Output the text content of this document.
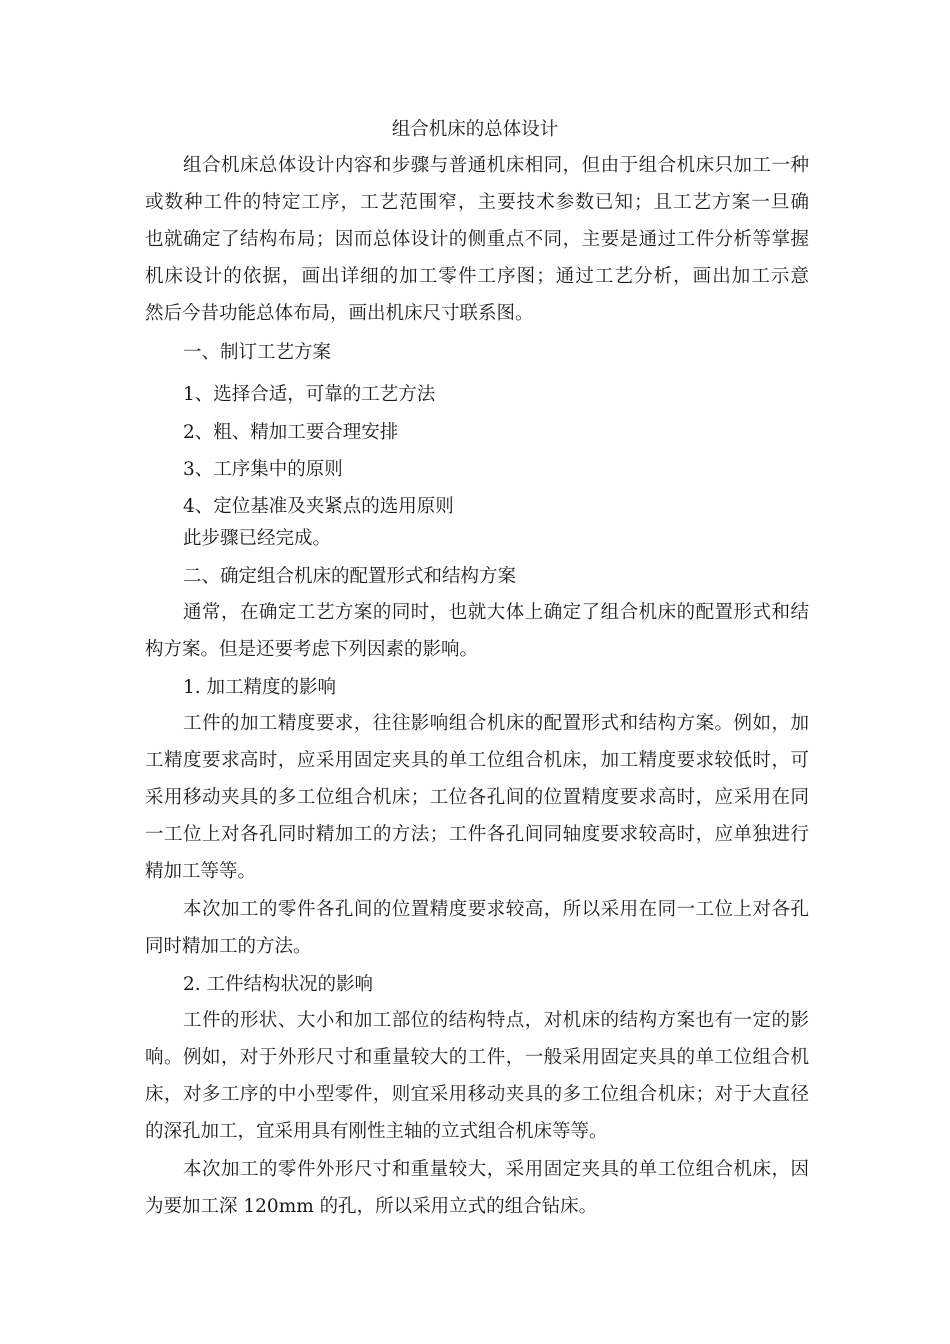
组合机床的总体设计
组合机床总体设计内容和步骤与普通机床相同，但由于组合机床只加工一种
或数种工件的特定工序，工艺范围窄，主要技术参数已知；且工艺方案一旦确
也就确定了结构布局；因而总体设计的侧重点不同，主要是通过工件分析等掌握
机床设计的依据，画出详细的加工零件工序图；通过工艺分析，画出加工示意
然后今昔功能总体布局，画出机床尺寸联系图。
一、制订工艺方案
1、选择合适，可靠的工艺方法
2、粗、精加工要合理安排
3、工序集中的原则
4、定位基准及夹紧点的选用原则
此步骤已经完成。
二、确定组合机床的配置形式和结构方案
通常，在确定工艺方案的同时，也就大体上确定了组合机床的配置形式和结
构方案。但是还要考虑下列因素的影响。
1. 加工精度的影响
工件的加工精度要求，往往影响组合机床的配置形式和结构方案。例如，加
工精度要求高时，应采用固定夹具的单工位组合机床，加工精度要求较低时，可
采用移动夹具的多工位组合机床；工位各孔间的位置精度要求高时，应采用在同
一工位上对各孔同时精加工的方法；工件各孔间同轴度要求较高时，应单独进行
精加工等等。
本次加工的零件各孔间的位置精度要求较高，所以采用在同一工位上对各孔
同时精加工的方法。
2. 工件结构状况的影响
工件的形状、大小和加工部位的结构特点，对机床的结构方案也有一定的影
响。例如，对于外形尺寸和重量较大的工件，一般采用固定夹具的单工位组合机
床，对多工序的中小型零件，则宜采用移动夹具的多工位组合机床；对于大直径
的深孔加工，宜采用具有刚性主轴的立式组合机床等等。
本次加工的零件外形尺寸和重量较大，采用固定夹具的单工位组合机床，因
为要加工深 120mm 的孔，所以采用立式的组合钻床。
